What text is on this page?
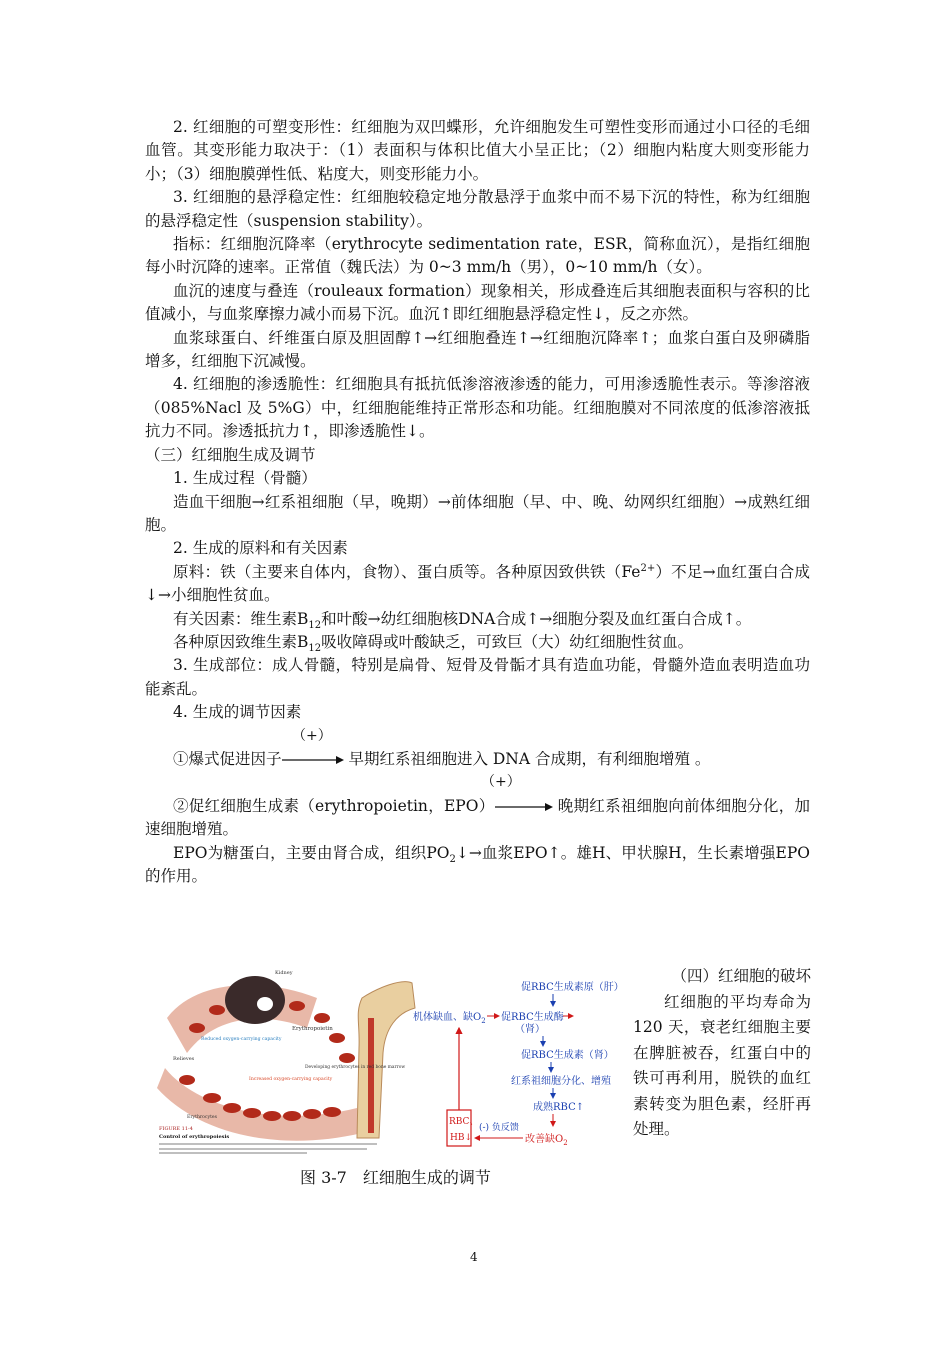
2. 红细胞的可塑变形性：红细胞为双凹蝶形，允许细胞发生可塑性变形而通过小口径的毛细血管。其变形能力取决于：（1）表面积与体积比值大小呈正比；（2）细胞内粘度大则变形能力小；（3）细胞膜弹性低、粘度大，则变形能力小。

3. 红细胞的悬浮稳定性：红细胞较稳定地分散悬浮于血浆中而不易下沉的特性，称为红细胞的悬浮稳定性（suspension stability）。

指标：红细胞沉降率（erythrocyte sedimentation rate，ESR，简称血沉），是指红细胞每小时沉降的速率。正常值（魏氏法）为 0~3 mm/h（男），0~10 mm/h（女）。

血沉的速度与叠连（rouleaux formation）现象相关，形成叠连后其细胞表面积与容积的比值减小，与血浆摩擦力减小而易下沉。血沉↑即红细胞悬浮稳定性↓，反之亦然。

血浆球蛋白、纤维蛋白原及胆固醇↑→红细胞叠连↑→红细胞沉降率↑；血浆白蛋白及卵磷脂增多，红细胞下沉减慢。

4. 红细胞的渗透脆性：红细胞具有抵抗低渗溶液渗透的能力，可用渗透脆性表示。等渗溶液（085%Nacl 及 5%G）中，红细胞能维持正常形态和功能。红细胞膜对不同浓度的低渗溶液抵抗力不同。渗透抵抗力↑，即渗透脆性↓。

（三）红细胞生成及调节

1. 生成过程（骨髓）

造血干细胞→红系祖细胞（早，晚期）→前体细胞（早、中、晚、幼网织红细胞）→成熟红细胞。

2. 生成的原料和有关因素

原料：铁（主要来自体内，食物）、蛋白质等。各种原因致供铁$(Fe^{2+})$不足→血红蛋白合成↓→小细胞性贫血。

有关因素：维生素$B_{12}$和叶酸→幼红细胞核DNA合成↑→细胞分裂及血红蛋白合成↑。

各种原因致维生素$B_{12}$吸收障碍或叶酸缺乏，可致巨（大）幼红细胞性贫血。

3. 生成部位：成人骨髓，特别是扁骨、短骨及骨骺才具有造血功能，骨髓外造血表明造血功能紊乱。

4. 生成的调节因素

（+）

①爆式促进因子	早期红系祖细胞进入 DNA 合成期，有利细胞增殖 。

（+）

②促红细胞生成素（erythropoietin，EPO）	晚期红系祖细胞向前体细胞分化，加速细胞增殖。

EPO为糖蛋白，主要由肾合成，组织$PO_2↓\to$血浆EPO↑。雄H、甲状腺H，生长素增强EPO的作用。

Kidney
Erythropoietin
Reduced oxygen-carrying capacity
Developing erythrocytes in red bone marrow
Relieves
Increased oxygen-carrying capacity
Erythrocytes
FIGURE 11-4
Control of erythropoiesis
促RBC生成素原（肝）
机体缺血、缺$O_2$ 促RBC生成酶
（肾）
促RBC生成素（肾）
红系祖细胞分化、增殖
成熟RBC↑
RBC、
HB↓
(-) 负反馈
改善缺$O_2$
（四）红细胞的破坏
红细胞的平均寿命为 120 天，衰老红细胞主要在脾脏被吞，红蛋白中的铁可再利用，脱铁的血红素转变为胆色素，经肝再处理。
图 3-7　红细胞生成的调节
4
